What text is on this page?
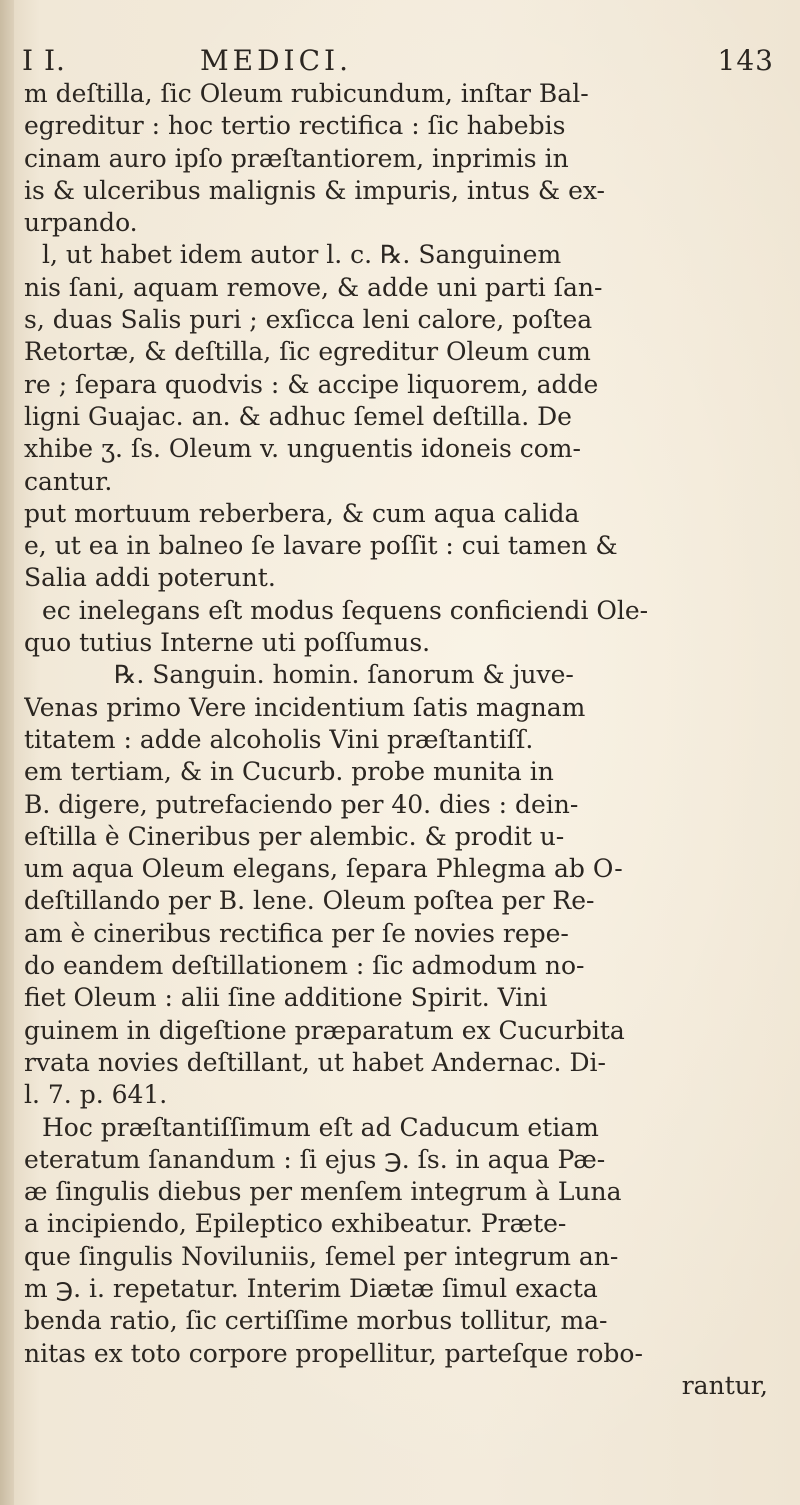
I I.	MEDICI.	143
m deſtilla, ſic Oleum rubicundum, inſtar Bal-
egreditur : hoc tertio rectifica : ſic habebis
cinam auro ipſo præſtantiorem, inprimis in
is & ulceribus malignis & impuris, intus & ex-
urpando.
l, ut habet idem autor l. c. ℞. Sanguinem
nis ſani, aquam remove, & adde uni parti ſan-
s, duas Salis puri ; exſicca leni calore, poſtea
Retortæ, & deſtilla, ſic egreditur Oleum cum
re ; ſepara quodvis : & accipe liquorem, adde
ligni Guajac. an. & adhuc ſemel deſtilla. De
xhibe ʒ. ſs. Oleum v. unguentis idoneis com-
cantur.
put mortuum reberbera, & cum aqua calida
e, ut ea in balneo ſe lavare poſſit : cui tamen &
Salia addi poterunt.
ec inelegans eſt modus ſequens conficiendi Ole-
quo tutius Interne uti poſſumus.
℞. Sanguin. homin. ſanorum & juve-
Venas primo Vere incidentium ſatis magnam
titatem : adde alcoholis Vini præſtantiſſ.
em tertiam, & in Cucurb. probe munita in
B. digere, putrefaciendo per 40. dies : dein-
eſtilla è Cineribus per alembic. & prodit u-
um aqua Oleum elegans, ſepara Phlegma ab O-
deſtillando per B. lene. Oleum poſtea per Re-
am è cineribus rectifica per ſe novies repe-
do eandem deſtillationem : ſic admodum no-
fiet Oleum : alii ſine additione Spirit. Vini
guinem in digeſtione præparatum ex Cucurbita
rvata novies deſtillant, ut habet Andernac. Di-
l. 7. p. 641.
Hoc præſtantiſſimum eſt ad Caducum etiam
eteratum ſanandum : ſi ejus ℈. ſs. in aqua Pæ-
æ ſingulis diebus per menſem integrum à Luna
a incipiendo, Epileptico exhibeatur. Præte-
que ſingulis Noviluniis, ſemel per integrum an-
m ℈. i. repetatur. Interim Diætæ ſimul exacta
benda ratio, ſic certiſſime morbus tollitur, ma-
nitas ex toto corpore propellitur, parteſque robo-
rantur,
